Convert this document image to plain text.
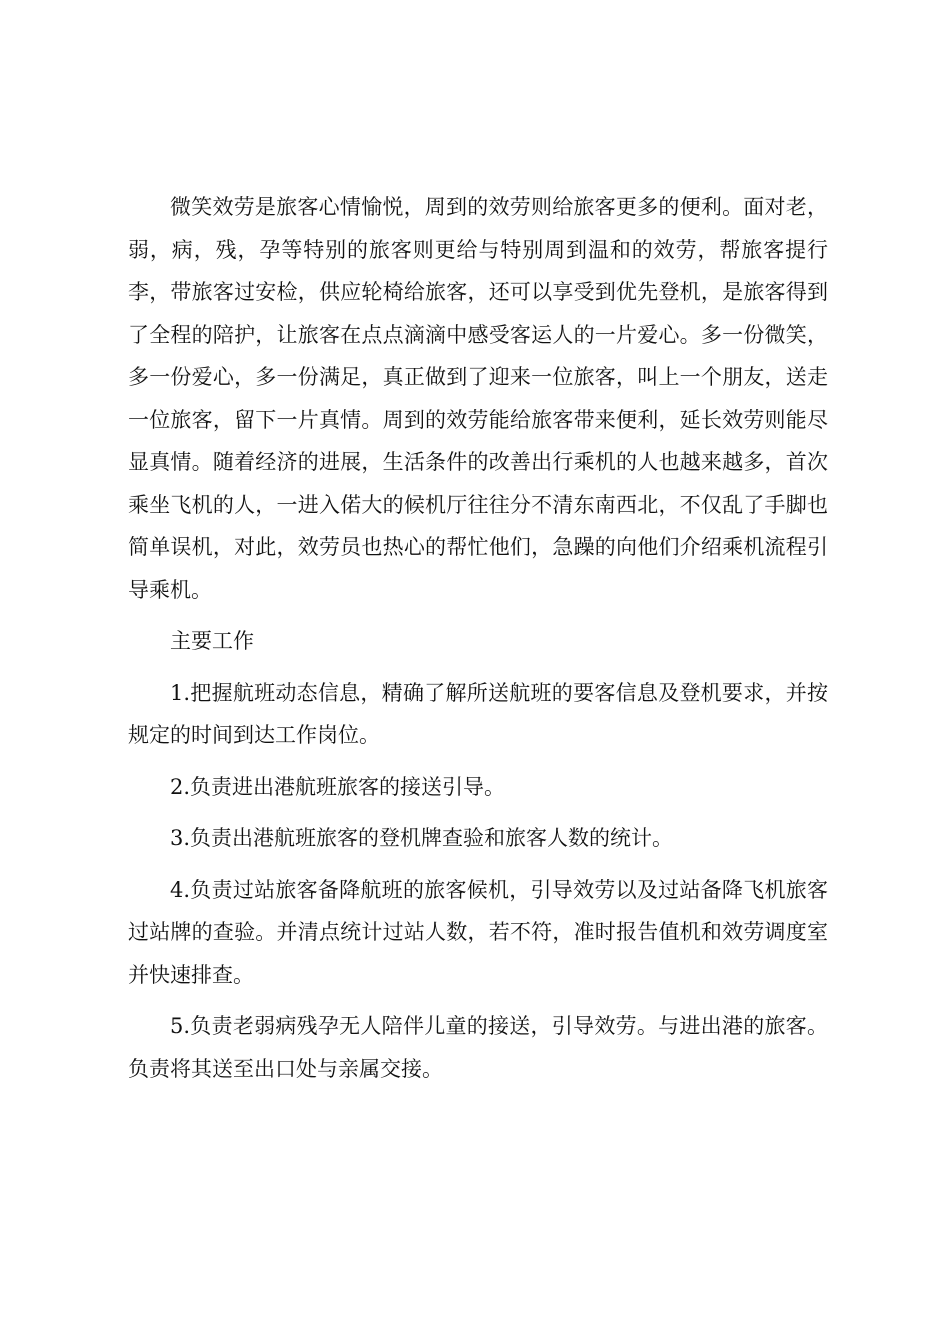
微笑效劳是旅客心情愉悦，周到的效劳则给旅客更多的便利。面对老，弱，病，残，孕等特别的旅客则更给与特别周到温和的效劳，帮旅客提行李，带旅客过安检，供应轮椅给旅客，还可以享受到优先登机，是旅客得到了全程的陪护，让旅客在点点滴滴中感受客运人的一片爱心。多一份微笑，多一份爱心，多一份满足，真正做到了迎来一位旅客，叫上一个朋友，送走一位旅客，留下一片真情。周到的效劳能给旅客带来便利，延长效劳则能尽显真情。随着经济的进展，生活条件的改善出行乘机的人也越来越多，首次乘坐飞机的人，一进入偌大的候机厅往往分不清东南西北，不仅乱了手脚也简单误机，对此，效劳员也热心的帮忙他们，急躁的向他们介绍乘机流程引导乘机。

主要工作

1.把握航班动态信息，精确了解所送航班的要客信息及登机要求，并按规定的时间到达工作岗位。

2.负责进出港航班旅客的接送引导。

3.负责出港航班旅客的登机牌查验和旅客人数的统计。

4.负责过站旅客备降航班的旅客候机，引导效劳以及过站备降飞机旅客过站牌的查验。并清点统计过站人数，若不符，准时报告值机和效劳调度室并快速排查。

5.负责老弱病残孕无人陪伴儿童的接送，引导效劳。与进出港的旅客。负责将其送至出口处与亲属交接。
